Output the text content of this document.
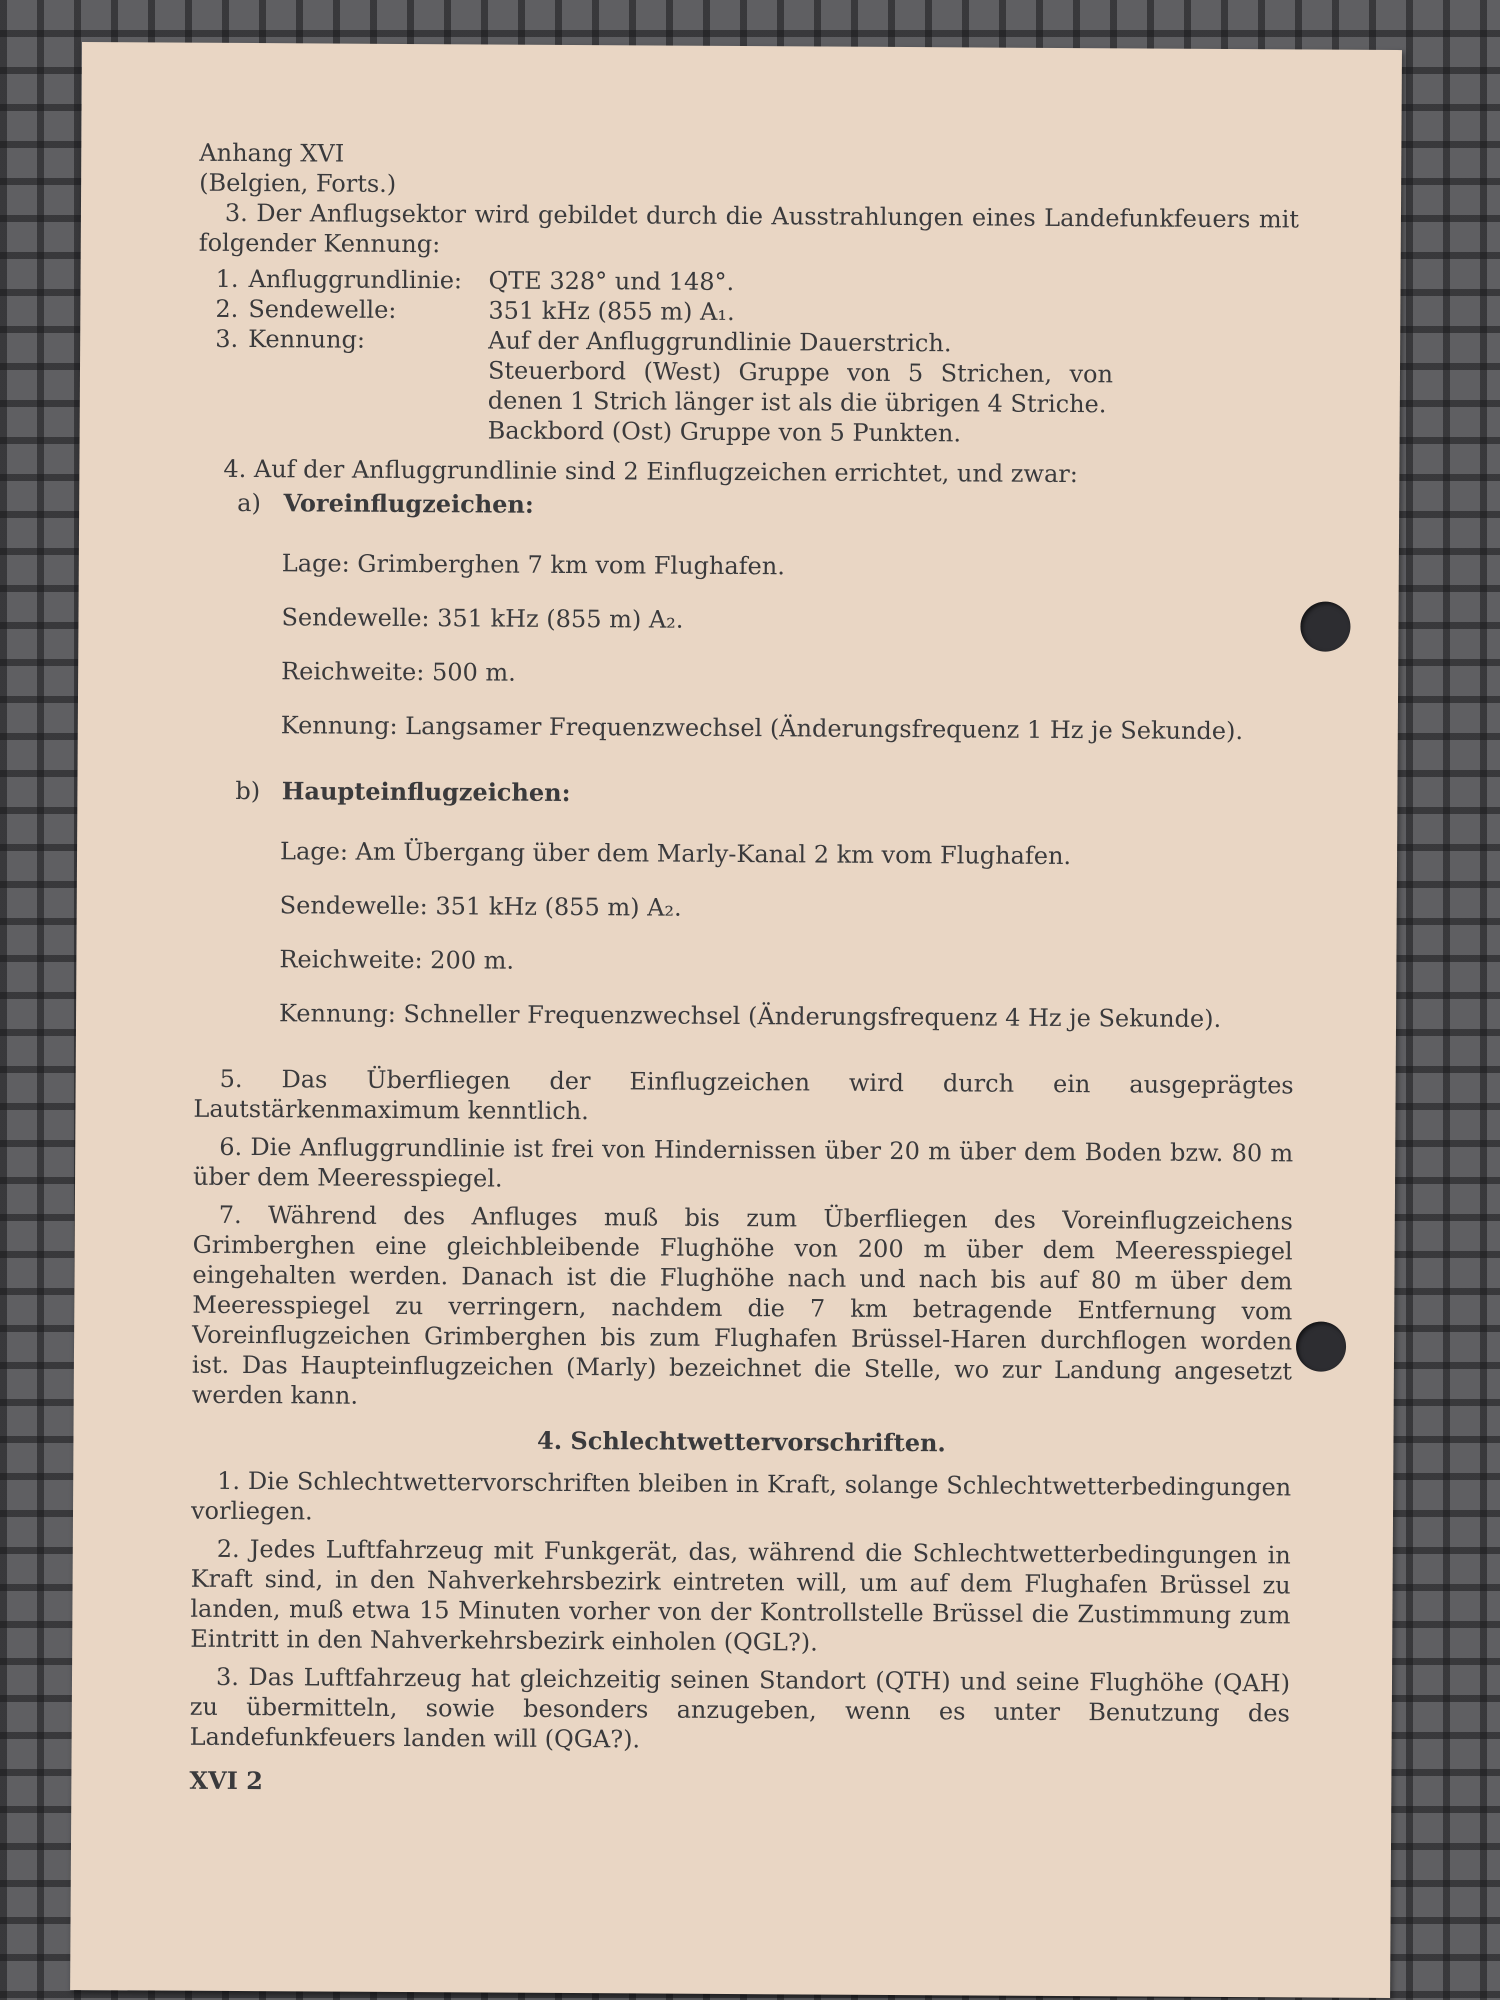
Anhang XVI

(Belgien, Forts.)

3. Der Anflugsektor wird gebildet durch die Ausstrahlungen eines Landefunkfeuers mit folgender Kennung:

1. Anfluggrundlinie:	QTE 328° und 148°.
2. Sendewelle:	351 kHz (855 m) A₁.
3. Kennung:	Auf der Anfluggrundlinie Dauerstrich.
Steuerbord (West) Gruppe von 5 Strichen, von denen 1 Strich länger ist als die übrigen 4 Striche.
Backbord (Ost) Gruppe von 5 Punkten.

4. Auf der Anfluggrundlinie sind 2 Einflugzeichen errichtet, und zwar:

a) Voreinflugzeichen:

Lage: Grimberghen 7 km vom Flughafen.

Sendewelle: 351 kHz (855 m) A₂.

Reichweite: 500 m.

Kennung: Langsamer Frequenzwechsel (Änderungsfrequenz 1 Hz je Sekunde).

b) Haupteinflugzeichen:

Lage: Am Übergang über dem Marly-Kanal 2 km vom Flughafen.

Sendewelle: 351 kHz (855 m) A₂.

Reichweite: 200 m.

Kennung: Schneller Frequenzwechsel (Änderungsfrequenz 4 Hz je Sekunde).

5. Das Überfliegen der Einflugzeichen wird durch ein ausgeprägtes Lautstärkenmaximum kenntlich.

6. Die Anfluggrundlinie ist frei von Hindernissen über 20 m über dem Boden bzw. 80 m über dem Meeresspiegel.

7. Während des Anfluges muß bis zum Überfliegen des Voreinflugzeichens Grimberghen eine gleichbleibende Flughöhe von 200 m über dem Meeresspiegel eingehalten werden. Danach ist die Flughöhe nach und nach bis auf 80 m über dem Meeresspiegel zu verringern, nachdem die 7 km betragende Entfernung vom Voreinflugzeichen Grimberghen bis zum Flughafen Brüssel-Haren durchflogen worden ist. Das Haupteinflugzeichen (Marly) bezeichnet die Stelle, wo zur Landung angesetzt werden kann.

4. Schlechtwettervorschriften.

1. Die Schlechtwettervorschriften bleiben in Kraft, solange Schlechtwetterbedingungen vorliegen.

2. Jedes Luftfahrzeug mit Funkgerät, das, während die Schlechtwetterbedingungen in Kraft sind, in den Nahverkehrsbezirk eintreten will, um auf dem Flughafen Brüssel zu landen, muß etwa 15 Minuten vorher von der Kontrollstelle Brüssel die Zustimmung zum Eintritt in den Nahverkehrsbezirk einholen (QGL?).

3. Das Luftfahrzeug hat gleichzeitig seinen Standort (QTH) und seine Flughöhe (QAH) zu übermitteln, sowie besonders anzugeben, wenn es unter Benutzung des Landefunkfeuers landen will (QGA?).

XVI 2
